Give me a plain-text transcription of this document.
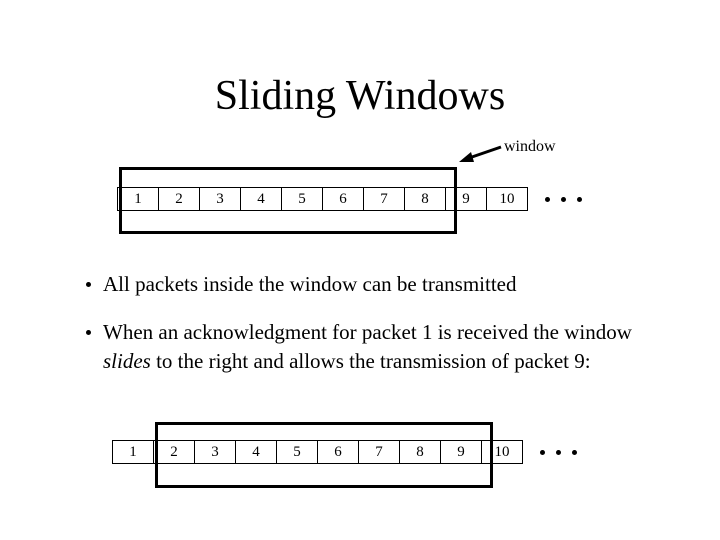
Sliding Windows
window
1	2	3	4	5	6	7	8	9	10
All packets inside the window can be transmitted
When an acknowledgment for packet 1 is received the window slides to the right and allows the transmission of packet 9:
1	2	3	4	5	6	7	8	9	10
